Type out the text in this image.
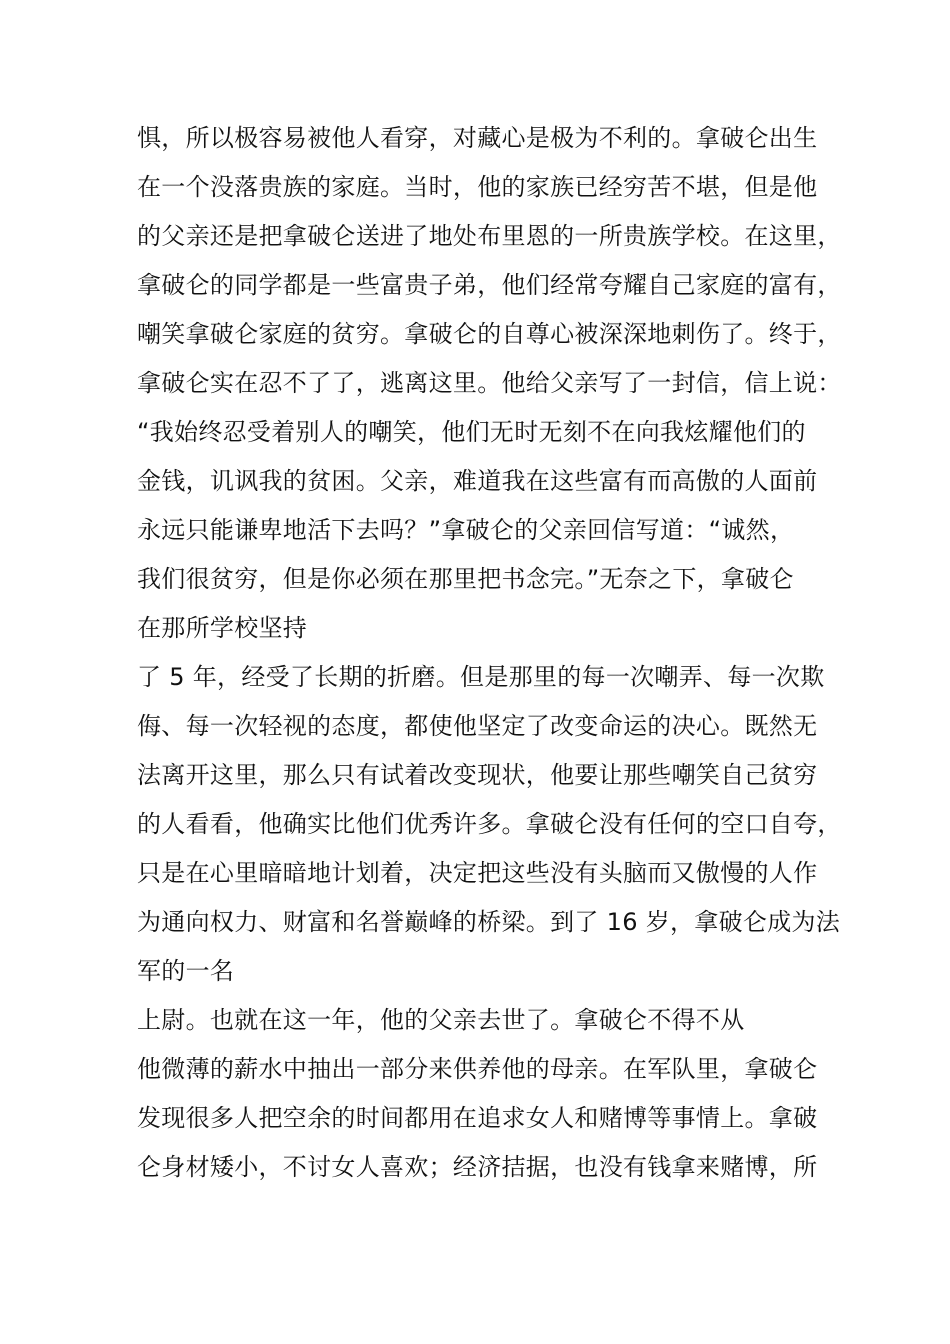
惧，所以极容易被他人看穿，对藏心是极为不利的。拿破仑出生
在一个没落贵族的家庭。当时，他的家族已经穷苦不堪，但是他
的父亲还是把拿破仑送进了地处布里恩的一所贵族学校。在这里，
拿破仑的同学都是一些富贵子弟，他们经常夸耀自己家庭的富有，
嘲笑拿破仑家庭的贫穷。拿破仑的自尊心被深深地刺伤了。终于，
拿破仑实在忍不了了，逃离这里。他给父亲写了一封信，信上说：
“我始终忍受着别人的嘲笑，他们无时无刻不在向我炫耀他们的
金钱，讥讽我的贫困。父亲，难道我在这些富有而高傲的人面前
永远只能谦卑地活下去吗？”拿破仑的父亲回信写道：“诚然，
我们很贫穷，但是你必须在那里把书念完。”无奈之下，拿破仑
在那所学校坚持
了 5 年，经受了长期的折磨。但是那里的每一次嘲弄、每一次欺
侮、每一次轻视的态度，都使他坚定了改变命运的决心。既然无
法离开这里，那么只有试着改变现状，他要让那些嘲笑自己贫穷
的人看看，他确实比他们优秀许多。拿破仑没有任何的空口自夸，
只是在心里暗暗地计划着，决定把这些没有头脑而又傲慢的人作
为通向权力、财富和名誉巅峰的桥梁。到了 16 岁，拿破仑成为法
军的一名
上尉。也就在这一年，他的父亲去世了。拿破仑不得不从
他微薄的薪水中抽出一部分来供养他的母亲。在军队里，拿破仑
发现很多人把空余的时间都用在追求女人和赌博等事情上。拿破
仑身材矮小，不讨女人喜欢；经济拮据，也没有钱拿来赌博，所
